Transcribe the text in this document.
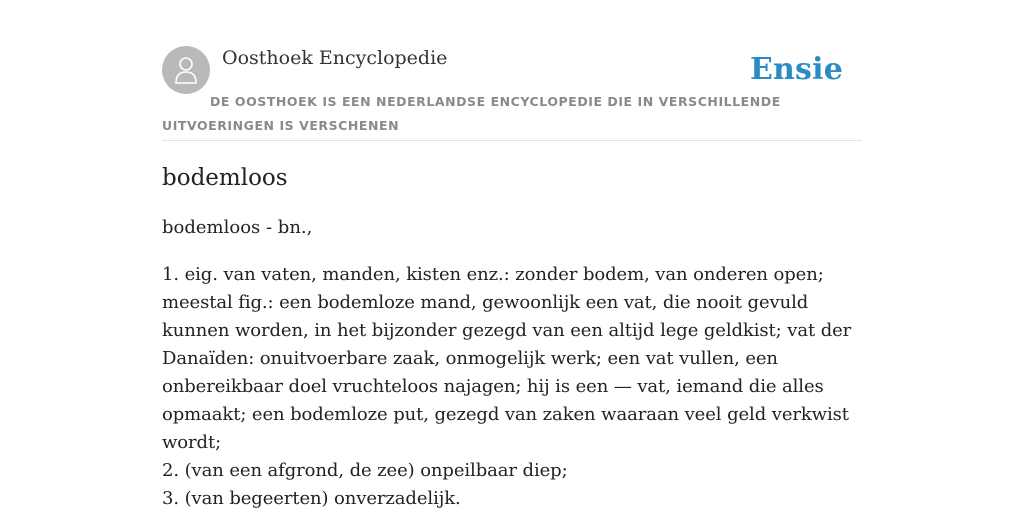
Oosthoek Encyclopedie	Ensie
DE OOSTHOEK IS EEN NEDERLANDSE ENCYCLOPEDIE DIE IN VERSCHILLENDE UITVOERINGEN IS VERSCHENEN
bodemloos

bodemloos - bn.,

1. eig. van vaten, manden, kisten enz.: zonder bodem, van onderen open; meestal fig.: een bodemloze mand, gewoonlijk een vat, die nooit gevuld kunnen worden, in het bijzonder gezegd van een altijd lege geldkist; vat der Danaïden: onuitvoerbare zaak, onmogelijk werk; een vat vullen, een onbereikbaar doel vruchteloos najagen; hij is een — vat, iemand die alles opmaakt; een bodemloze put, gezegd van zaken waaraan veel geld verkwist wordt;
2. (van een afgrond, de zee) onpeilbaar diep;
3. (van begeerten) onverzadelijk.
